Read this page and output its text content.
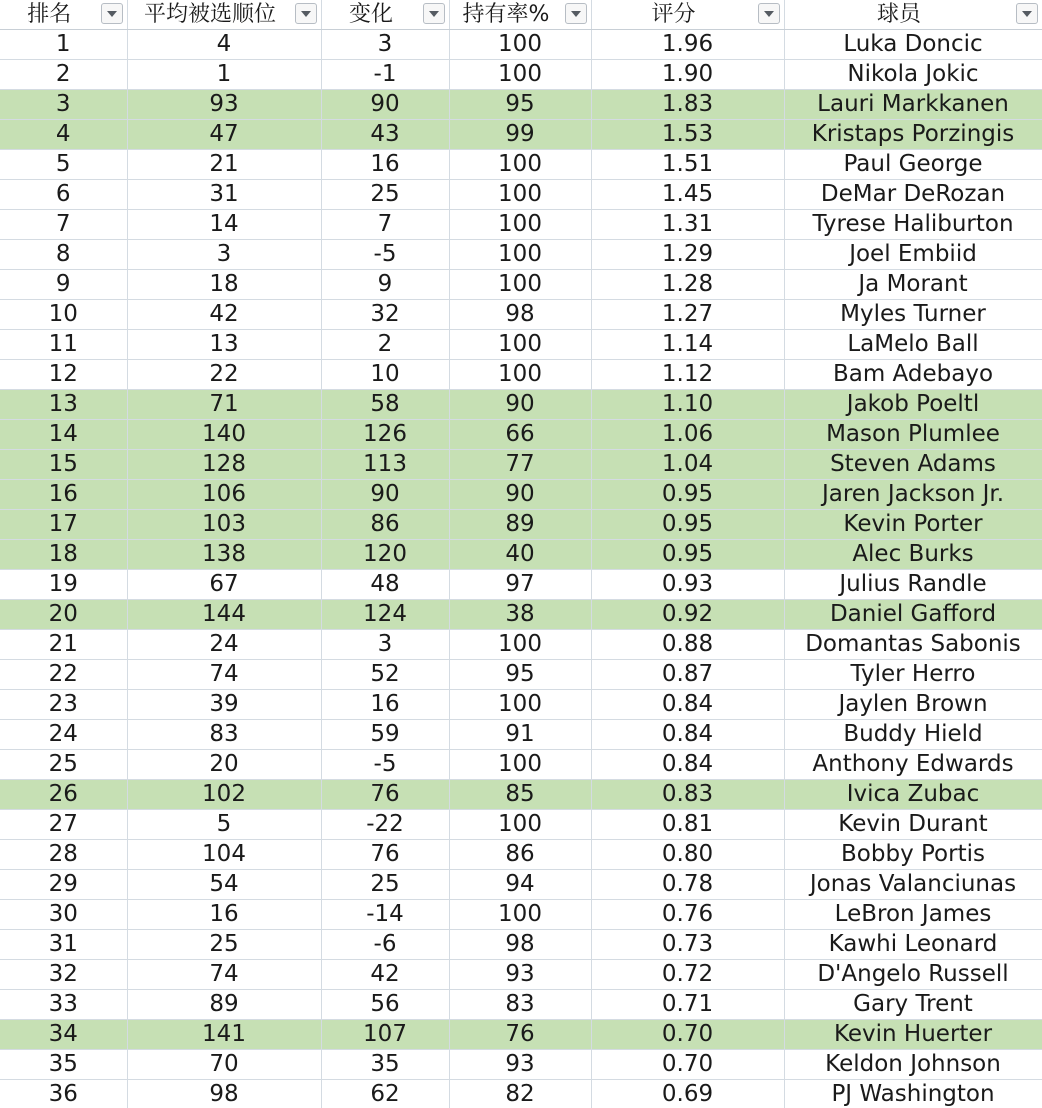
排名	平均被选顺位	变化	持有率%	评分	球员

1	4	3	100	1.96	Luka Doncic
2	1	-1	100	1.90	Nikola Jokic
3	93	90	95	1.83	Lauri Markkanen
4	47	43	99	1.53	Kristaps Porzingis
5	21	16	100	1.51	Paul George
6	31	25	100	1.45	DeMar DeRozan
7	14	7	100	1.31	Tyrese Haliburton
8	3	-5	100	1.29	Joel Embiid
9	18	9	100	1.28	Ja Morant
10	42	32	98	1.27	Myles Turner
11	13	2	100	1.14	LaMelo Ball
12	22	10	100	1.12	Bam Adebayo
13	71	58	90	1.10	Jakob Poeltl
14	140	126	66	1.06	Mason Plumlee
15	128	113	77	1.04	Steven Adams
16	106	90	90	0.95	Jaren Jackson Jr.
17	103	86	89	0.95	Kevin Porter
18	138	120	40	0.95	Alec Burks
19	67	48	97	0.93	Julius Randle
20	144	124	38	0.92	Daniel Gafford
21	24	3	100	0.88	Domantas Sabonis
22	74	52	95	0.87	Tyler Herro
23	39	16	100	0.84	Jaylen Brown
24	83	59	91	0.84	Buddy Hield
25	20	-5	100	0.84	Anthony Edwards
26	102	76	85	0.83	Ivica Zubac
27	5	-22	100	0.81	Kevin Durant
28	104	76	86	0.80	Bobby Portis
29	54	25	94	0.78	Jonas Valanciunas
30	16	-14	100	0.76	LeBron James
31	25	-6	98	0.73	Kawhi Leonard
32	74	42	93	0.72	D'Angelo Russell
33	89	56	83	0.71	Gary Trent
34	141	107	76	0.70	Kevin Huerter
35	70	35	93	0.70	Keldon Johnson
36	98	62	82	0.69	PJ Washington
